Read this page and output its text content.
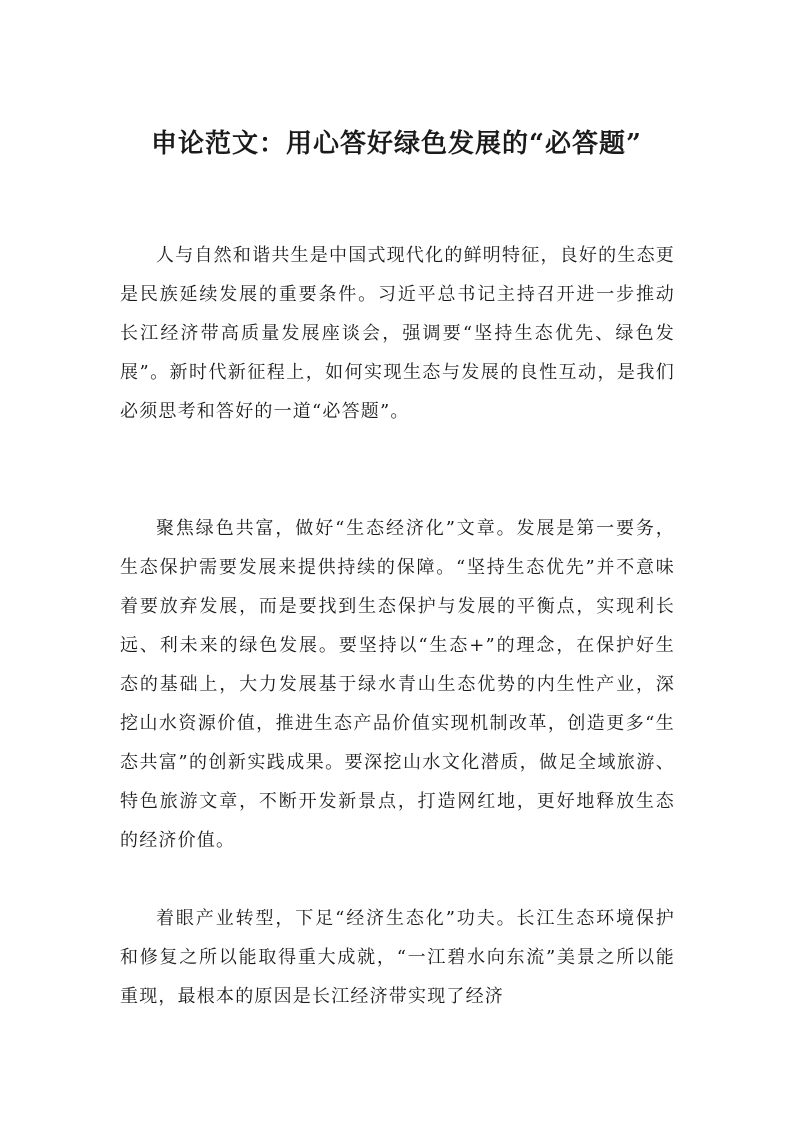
申论范文：用心答好绿色发展的“必答题”

人与自然和谐共生是中国式现代化的鲜明特征，良好的生态更是民族延续发展的重要条件。习近平总书记主持召开进一步推动长江经济带高质量发展座谈会，强调要“坚持生态优先、绿色发展”。新时代新征程上，如何实现生态与发展的良性互动，是我们必须思考和答好的一道“必答题”。

聚焦绿色共富，做好“生态经济化”文章。发展是第一要务，生态保护需要发展来提供持续的保障。“坚持生态优先”并不意味着要放弃发展，而是要找到生态保护与发展的平衡点，实现利长远、利未来的绿色发展。要坚持以“生态+”的理念，在保护好生态的基础上，大力发展基于绿水青山生态优势的内生性产业，深挖山水资源价值，推进生态产品价值实现机制改革，创造更多“生态共富”的创新实践成果。要深挖山水文化潜质，做足全域旅游、特色旅游文章，不断开发新景点，打造网红地，更好地释放生态的经济价值。

着眼产业转型，下足“经济生态化”功夫。长江生态环境保护和修复之所以能取得重大成就，“一江碧水向东流”美景之所以能重现，最根本的原因是长江经济带实现了经济
